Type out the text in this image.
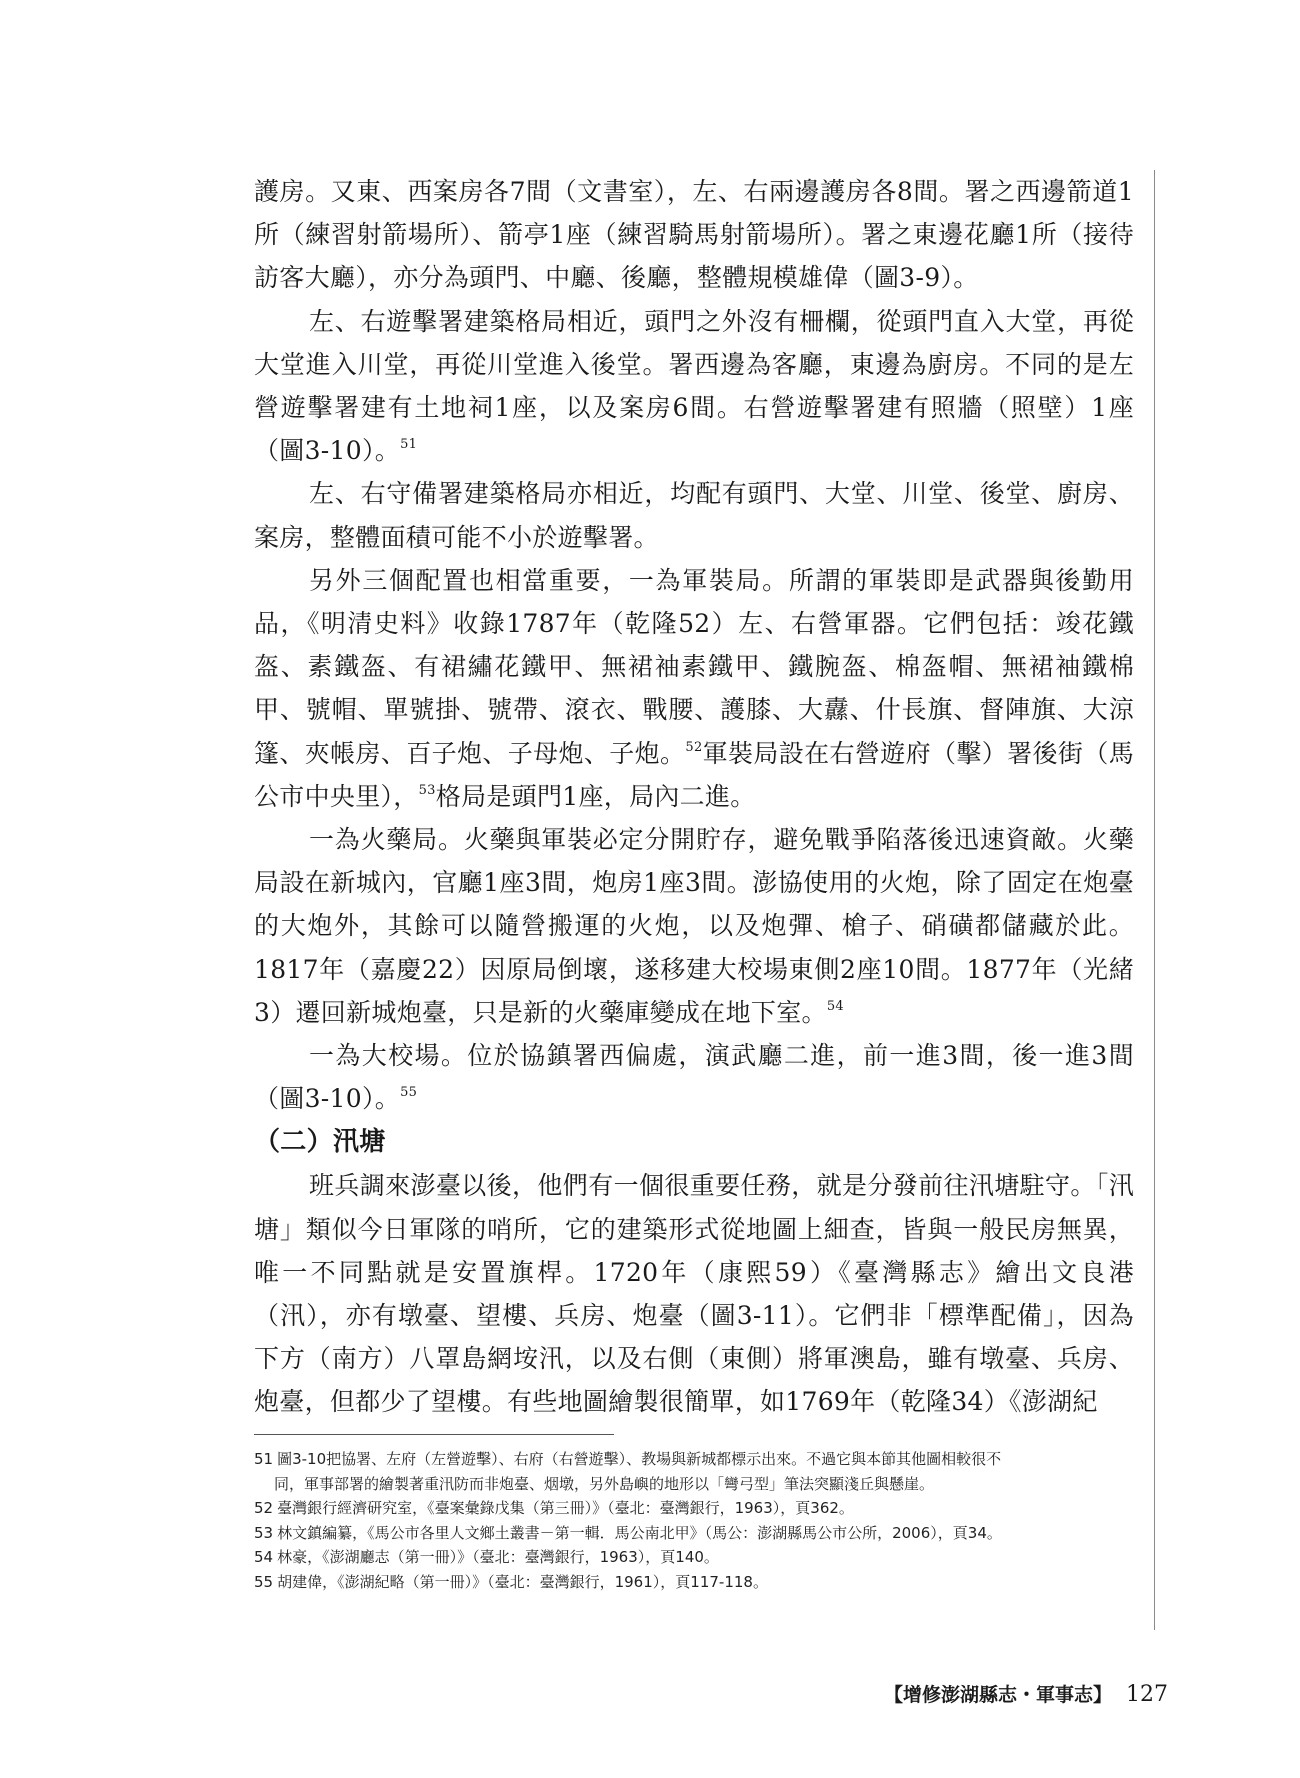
護房。又東、西案房各7間（文書室），左、右兩邊護房各8間。署之西邊箭道1所（練習射箭場所）、箭亭1座（練習騎馬射箭場所）。署之東邊花廳1所（接待訪客大廳），亦分為頭門、中廳、後廳，整體規模雄偉（圖3-9）。

左、右遊擊署建築格局相近，頭門之外沒有柵欄，從頭門直入大堂，再從大堂進入川堂，再從川堂進入後堂。署西邊為客廳，東邊為廚房。不同的是左營遊擊署建有土地祠1座，以及案房6間。右營遊擊署建有照牆（照壁）1座（圖3-10）。$^{51}$

左、右守備署建築格局亦相近，均配有頭門、大堂、川堂、後堂、廚房、案房，整體面積可能不小於遊擊署。

另外三個配置也相當重要，一為軍裝局。所謂的軍裝即是武器與後勤用品，《明清史料》收錄1787年（乾隆52）左、右營軍器。它們包括：竣花鐵盔、素鐵盔、有裙繡花鐵甲、無裙袖素鐵甲、鐵腕盔、棉盔帽、無裙袖鐵棉甲、號帽、單號掛、號帶、滾衣、戰腰、護膝、大纛、什長旗、督陣旗、大涼篷、夾帳房、百子炮、子母炮、子炮。$^{52}$軍裝局設在右營遊府（擊）署後街（馬公市中央里），$^{53}$格局是頭門1座，局內二進。

一為火藥局。火藥與軍裝必定分開貯存，避免戰爭陷落後迅速資敵。火藥局設在新城內，官廳1座3間，炮房1座3間。澎協使用的火炮，除了固定在炮臺的大炮外，其餘可以隨營搬運的火炮，以及炮彈、槍子、硝磺都儲藏於此。1817年（嘉慶22）因原局倒壞，遂移建大校場東側2座10間。1877年（光緒3）遷回新城炮臺，只是新的火藥庫變成在地下室。$^{54}$

一為大校場。位於協鎮署西偏處，演武廳二進，前一進3間，後一進3間（圖3-10）。$^{55}$

（二）汛塘

班兵調來澎臺以後，他們有一個很重要任務，就是分發前往汛塘駐守。「汛塘」類似今日軍隊的哨所，它的建築形式從地圖上細查，皆與一般民房無異，唯一不同點就是安置旗桿。1720年（康熙59）《臺灣縣志》繪出文良港（汛），亦有墩臺、望樓、兵房、炮臺（圖3-11）。它們非「標準配備」，因為下方（南方）八罩島網垵汛，以及右側（東側）將軍澳島，雖有墩臺、兵房、炮臺，但都少了望樓。有些地圖繪製很簡單，如1769年（乾隆34）《澎湖紀

51 圖3-10把協署、左府（左營遊擊）、右府（右營遊擊）、教場與新城都標示出來。不過它與本節其他圖相較很不

同，軍事部署的繪製著重汛防而非炮臺、烟墩，另外島嶼的地形以「彎弓型」筆法突顯淺丘與懸崖。

52 臺灣銀行經濟研究室，《臺案彙錄戊集（第三冊）》（臺北：臺灣銀行，1963），頁362。

53 林文鎮編纂，《馬公市各里人文鄉土叢書－第一輯．馬公南北甲》（馬公：澎湖縣馬公市公所，2006），頁34。

54 林豪，《澎湖廳志（第一冊）》（臺北：臺灣銀行，1963），頁140。

55 胡建偉，《澎湖紀略（第一冊）》（臺北：臺灣銀行，1961），頁117-118。

【增修澎湖縣志・軍事志】 127
